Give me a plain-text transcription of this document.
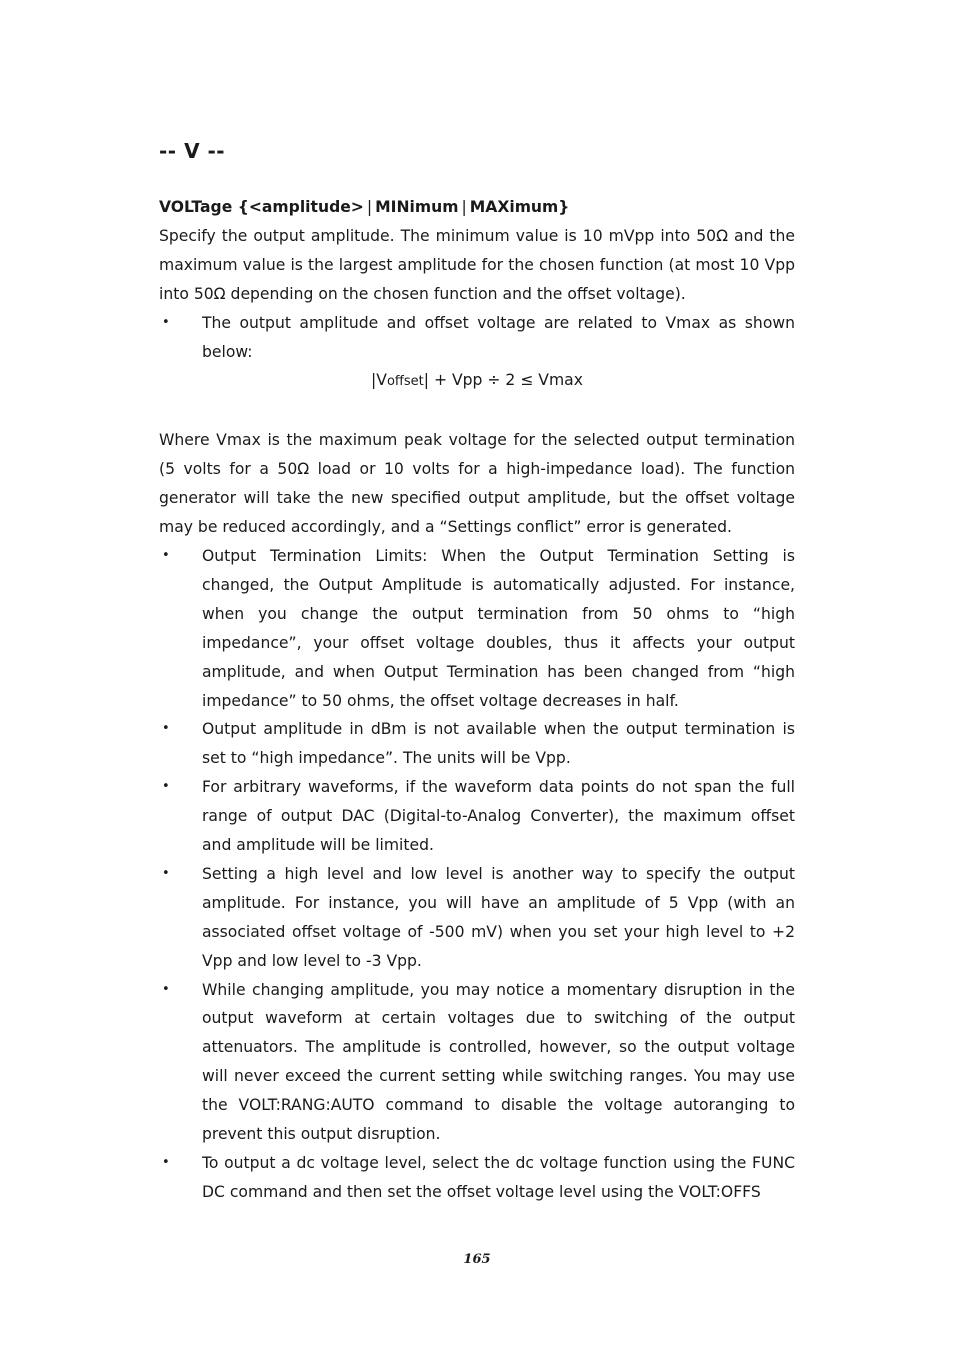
-- V --

VOLTage {<amplitude> | MINimum | MAXimum}

Specify the output amplitude. The minimum value is 10 mVpp into 50Ω and the maximum value is the largest amplitude for the chosen function (at most 10 Vpp into 50Ω depending on the chosen function and the offset voltage).

• The output amplitude and offset voltage are related to Vmax as shown below:

|Voffset| + Vpp ÷ 2 ≤ Vmax

Where Vmax is the maximum peak voltage for the selected output termination (5 volts for a 50Ω load or 10 volts for a high-impedance load). The function generator will take the new specified output amplitude, but the offset voltage may be reduced accordingly, and a “Settings conflict” error is generated.

• Output Termination Limits: When the Output Termination Setting is changed, the Output Amplitude is automatically adjusted. For instance, when you change the output termination from 50 ohms to “high impedance”, your offset voltage doubles, thus it affects your output amplitude, and when Output Termination has been changed from “high impedance” to 50 ohms, the offset voltage decreases in half.
• Output amplitude in dBm is not available when the output termination is set to “high impedance”. The units will be Vpp.
• For arbitrary waveforms, if the waveform data points do not span the full range of output DAC (Digital-to-Analog Converter), the maximum offset and amplitude will be limited.
• Setting a high level and low level is another way to specify the output amplitude. For instance, you will have an amplitude of 5 Vpp (with an associated offset voltage of -500 mV) when you set your high level to +2 Vpp and low level to -3 Vpp.
• While changing amplitude, you may notice a momentary disruption in the output waveform at certain voltages due to switching of the output attenuators. The amplitude is controlled, however, so the output voltage will never exceed the current setting while switching ranges. You may use the VOLT:RANG:AUTO command to disable the voltage autoranging to prevent this output disruption.
• To output a dc voltage level, select the dc voltage function using the FUNC DC command and then set the offset voltage level using the VOLT:OFFS
165
